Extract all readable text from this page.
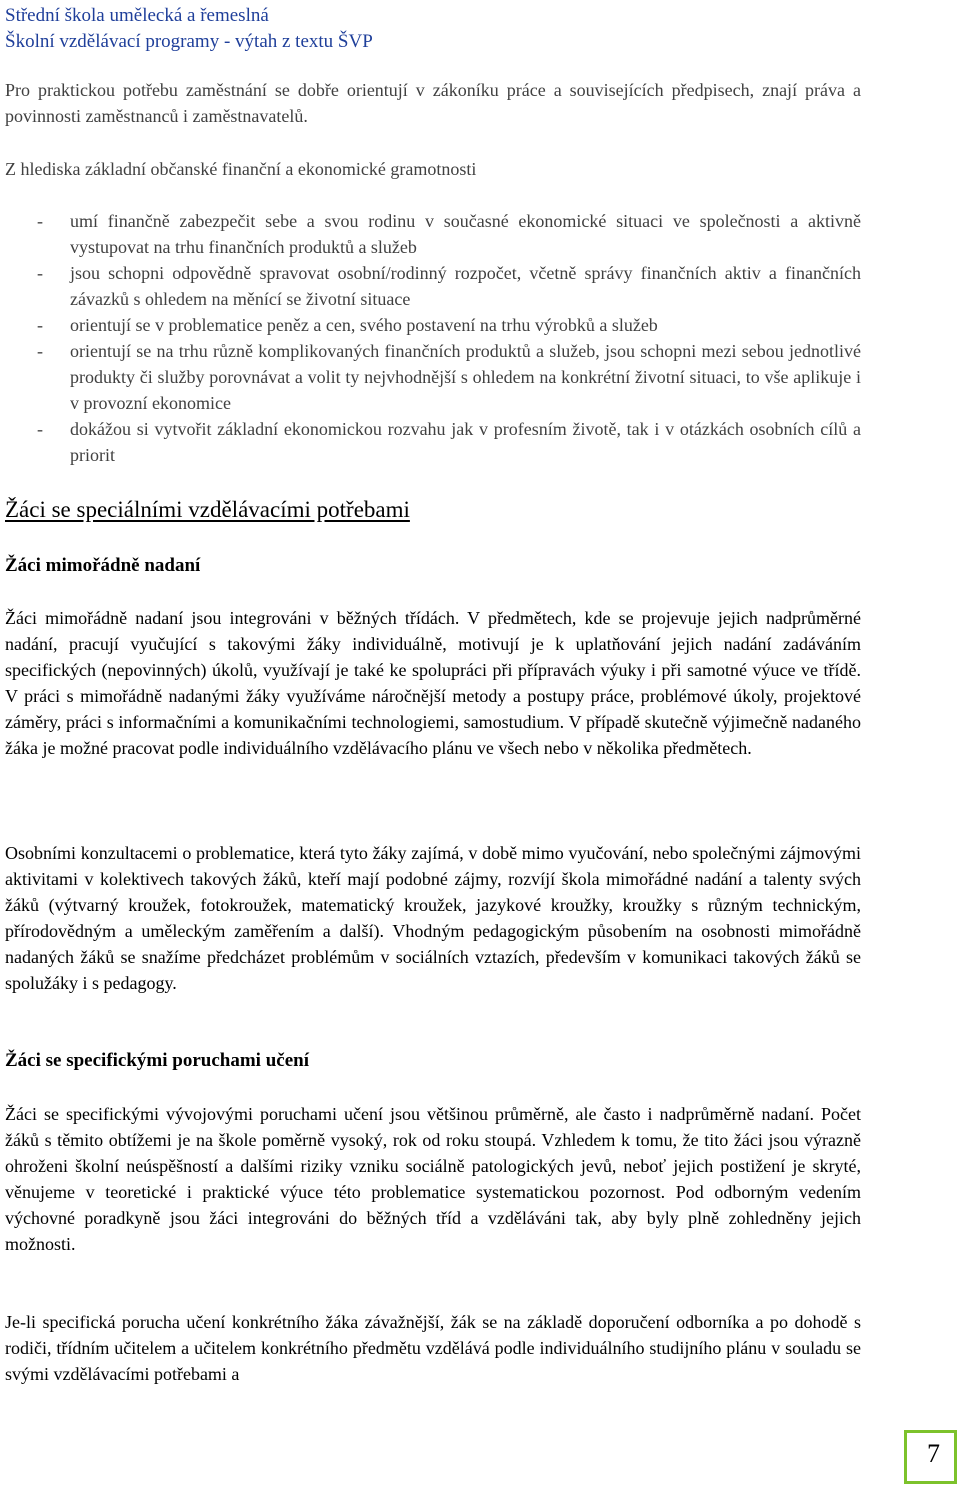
Střední škola umělecká a řemeslná
Školní vzdělávací programy - výtah z textu ŠVP

Pro praktickou potřebu zaměstnání se dobře orientují v zákoníku práce a souvisejících předpisech, znají práva a povinnosti zaměstnanců i zaměstnavatelů.

Z hlediska základní občanské finanční a ekonomické gramotnosti

- umí finančně zabezpečit sebe a svou rodinu v současné ekonomické situaci ve společnosti a aktivně vystupovat na trhu finančních produktů a služeb
- jsou schopni odpovědně spravovat osobní/rodinný rozpočet, včetně správy finančních aktiv a finančních závazků s ohledem na měnící se životní situace
- orientují se v problematice peněz a cen, svého postavení na trhu výrobků a služeb
- orientují se na trhu různě komplikovaných finančních produktů a služeb, jsou schopni mezi sebou jednotlivé produkty či služby porovnávat a volit ty nejvhodnější s ohledem na konkrétní životní situaci, to vše aplikuje i v provozní ekonomice
- dokážou si vytvořit základní ekonomickou rozvahu jak v profesním životě, tak i v otázkách osobních cílů a priorit
Žáci se speciálními vzdělávacími potřebami
Žáci mimořádně nadaní

Žáci mimořádně nadaní jsou integrováni v běžných třídách. V předmětech, kde se projevuje jejich nadprůměrné nadání, pracují vyučující s takovými žáky individuálně, motivují je k uplatňování jejich nadání zadáváním specifických (nepovinných) úkolů, využívají je také ke spolupráci při přípravách výuky i při samotné výuce ve třídě. V práci s mimořádně nadanými žáky využíváme náročnější metody a postupy práce, problémové úkoly, projektové záměry, práci s informačními a komunikačními technologiemi, samostudium. V případě skutečně výjimečně nadaného žáka je možné pracovat podle individuálního vzdělávacího plánu ve všech nebo v několika předmětech.

Osobními konzultacemi o problematice, která tyto žáky zajímá, v době mimo vyučování, nebo společnými zájmovými aktivitami v kolektivech takových žáků, kteří mají podobné zájmy, rozvíjí škola mimořádné nadání a talenty svých žáků (výtvarný kroužek, fotokroužek, matematický kroužek, jazykové kroužky, kroužky s různým technickým, přírodovědným a uměleckým zaměřením a další). Vhodným pedagogickým působením na osobnosti mimořádně nadaných žáků se snažíme předcházet problémům v sociálních vztazích, především v komunikaci takových žáků se spolužáky i s pedagogy.

Žáci se specifickými poruchami učení

Žáci se specifickými vývojovými poruchami učení jsou většinou průměrně, ale často i nadprůměrně nadaní. Počet žáků s těmito obtížemi je na škole poměrně vysoký, rok od roku stoupá. Vzhledem k tomu, že tito žáci jsou výrazně ohroženi školní neúspěšností a dalšími riziky vzniku sociálně patologických jevů, neboť jejich postižení je skryté, věnujeme v teoretické i praktické výuce této problematice systematickou pozornost. Pod odborným vedením výchovné poradkyně jsou žáci integrováni do běžných tříd a vzděláváni tak, aby byly plně zohledněny jejich možnosti.

Je-li specifická porucha učení konkrétního žáka závažnější, žák se na základě doporučení odborníka a po dohodě s rodiči, třídním učitelem a učitelem konkrétního předmětu vzdělává podle individuálního studijního plánu v souladu se svými vzdělávacími potřebami a

7
